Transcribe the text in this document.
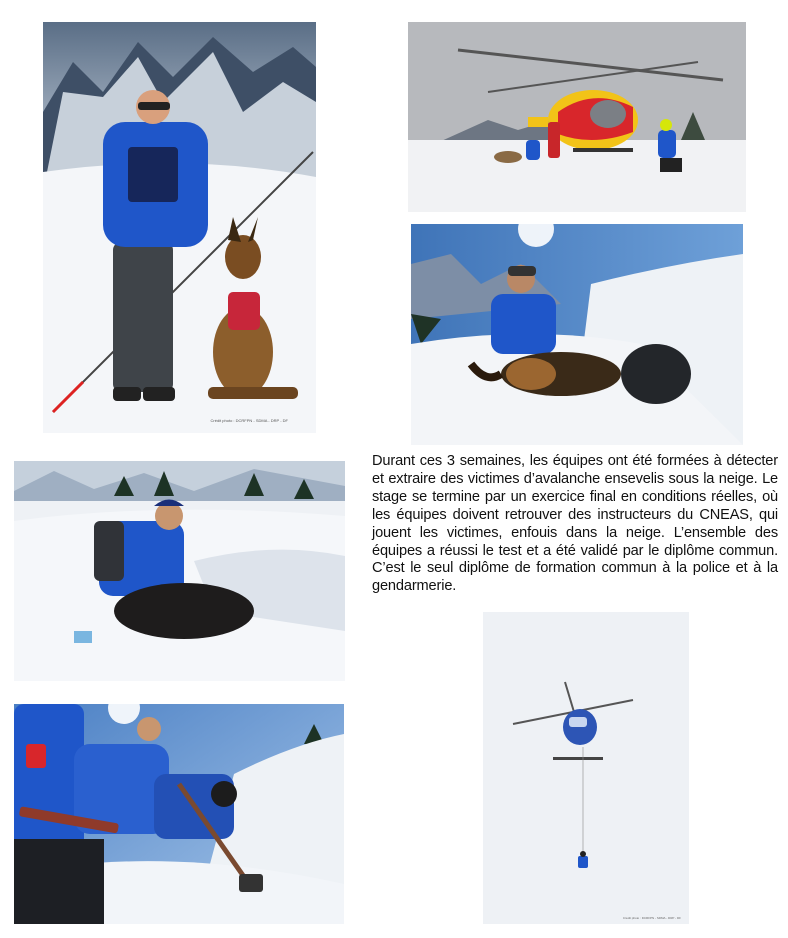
Crédit photo : DCRFPN - SDMA - DRP - DF

Durant ces 3 semaines, les équipes ont été formées à détecter et extraire des victimes d’avalanche ensevelis sous la neige. Le stage se termine par un exercice final en conditions réelles, où les équipes doivent retrouver des instructeurs du CNEAS, qui jouent les victimes, enfouis dans la neige. L’ensemble des équipes a réussi le test et a été validé par le diplôme commun. C’est le seul diplôme de formation commun à la police et à la gendarmerie.

Crédit photo : DCRFPN - SDMA - DRP - DF
